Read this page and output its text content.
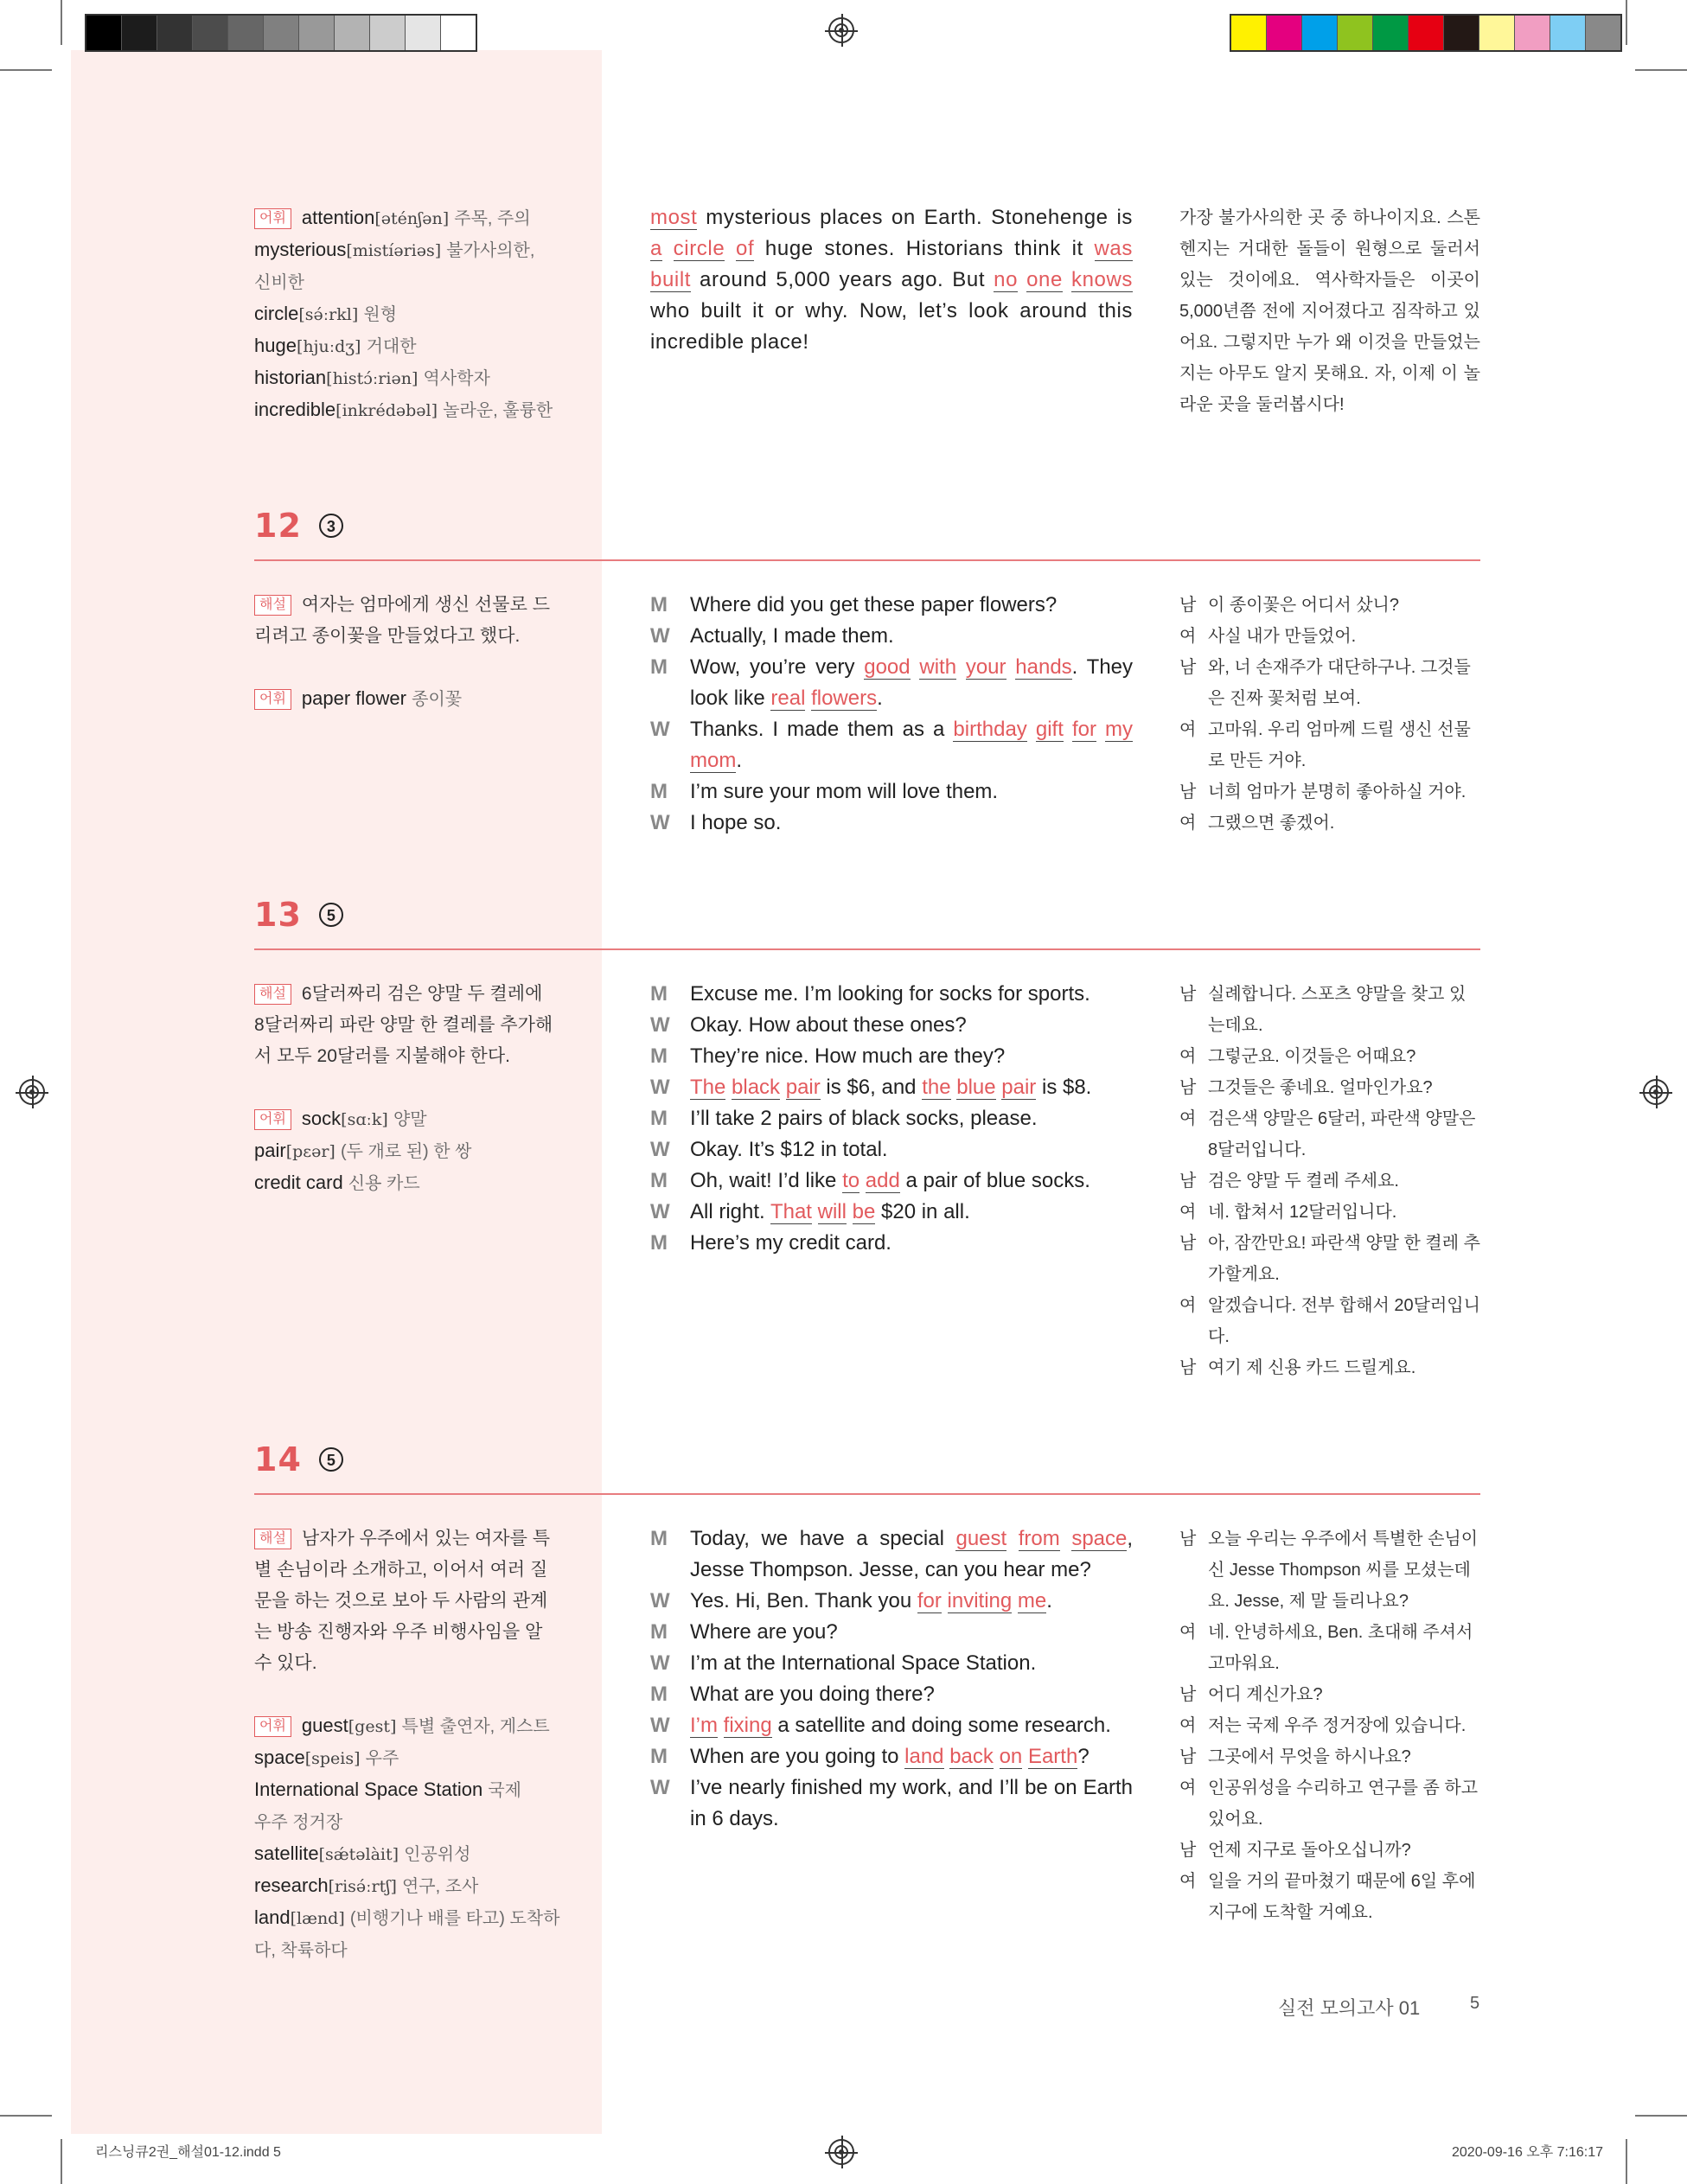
어휘 attention[əténʃən] 주목, 주의

mysterious[mistíəriəs] 불가사의한,

신비한

circle[sə́ːrkl] 원형

huge[hjuːdʒ] 거대한

historian[histɔ́ːriən] 역사학자

incredible[inkrédəbəl] 놀라운, 훌륭한

most mysterious places on Earth. Stonehenge is a circle of huge stones. Historians think it was built around 5,000 years ago. But no one knows who built it or why. Now, let’s look around this incredible place!

가장 불가사의한 곳 중 하나이지요. 스톤헨지는 거대한 돌들이 원형으로 둘러서 있는 것이에요. 역사학자들은 이곳이 5,000년쯤 전에 지어졌다고 짐작하고 있어요. 그렇지만 누가 왜 이것을 만들었는지는 아무도 알지 못해요. 자, 이제 이 놀라운 곳을 둘러봅시다!

12 3

해설 여자는 엄마에게 생신 선물로 드리려고 종이꽃을 만들었다고 했다.

어휘 paper flower 종이꽃

M Where did you get these paper flowers?

W Actually, I made them.

M Wow, you’re very good with your hands. They look like real flowers.

W Thanks. I made them as a birthday gift for my mom.

M I’m sure your mom will love them.

W I hope so.

남 이 종이꽃은 어디서 샀니?

여 사실 내가 만들었어.

남 와, 너 손재주가 대단하구나. 그것들은 진짜 꽃처럼 보여.

여 고마워. 우리 엄마께 드릴 생신 선물로 만든 거야.

남 너희 엄마가 분명히 좋아하실 거야.

여 그랬으면 좋겠어.

13 5

해설 6달러짜리 검은 양말 두 켤레에 8달러짜리 파란 양말 한 켤레를 추가해서 모두 20달러를 지불해야 한다.

어휘 sock[sɑːk] 양말

pair[pɛər] (두 개로 된) 한 쌍

credit card 신용 카드

M Excuse me. I’m looking for socks for sports.

W Okay. How about these ones?

M They’re nice. How much are they?

W The black pair is $6, and the blue pair is $8.

M I’ll take 2 pairs of black socks, please.

W Okay. It’s $12 in total.

M Oh, wait! I’d like to add a pair of blue socks.

W All right. That will be $20 in all.

M Here’s my credit card.

남 실례합니다. 스포츠 양말을 찾고 있는데요.

여 그렇군요. 이것들은 어때요?

남 그것들은 좋네요. 얼마인가요?

여 검은색 양말은 6달러, 파란색 양말은 8달러입니다.

남 검은 양말 두 켤레 주세요.

여 네. 합쳐서 12달러입니다.

남 아, 잠깐만요! 파란색 양말 한 켤레 추가할게요.

여 알겠습니다. 전부 합해서 20달러입니다.

남 여기 제 신용 카드 드릴게요.

14 5

해설 남자가 우주에서 있는 여자를 특별 손님이라 소개하고, 이어서 여러 질문을 하는 것으로 보아 두 사람의 관계는 방송 진행자와 우주 비행사임을 알 수 있다.

어휘 guest[gest] 특별 출연자, 게스트

space[speis] 우주

International Space Station 국제

우주 정거장

satellite[sǽtəlàit] 인공위성

research[risə́ːrtʃ] 연구, 조사

land[lænd] (비행기나 배를 타고) 도착하

다, 착륙하다

M Today, we have a special guest from space, Jesse Thompson. Jesse, can you hear me?

W Yes. Hi, Ben. Thank you for inviting me.

M Where are you?

W I’m at the International Space Station.

M What are you doing there?

W I’m fixing a satellite and doing some research.

M When are you going to land back on Earth?

W I’ve nearly finished my work, and I’ll be on Earth in 6 days.

남 오늘 우리는 우주에서 특별한 손님이신 Jesse Thompson 씨를 모셨는데요. Jesse, 제 말 들리나요?

여 네. 안녕하세요, Ben. 초대해 주셔서 고마워요.

남 어디 계신가요?

여 저는 국제 우주 정거장에 있습니다.

남 그곳에서 무엇을 하시나요?

여 인공위성을 수리하고 연구를 좀 하고 있어요.

남 언제 지구로 돌아오십니까?

여 일을 거의 끝마쳤기 때문에 6일 후에 지구에 도착할 거예요.

실전 모의고사 01	5
리스닝큐2권_해설01-12.indd 5	2020-09-16 오후 7:16:17
